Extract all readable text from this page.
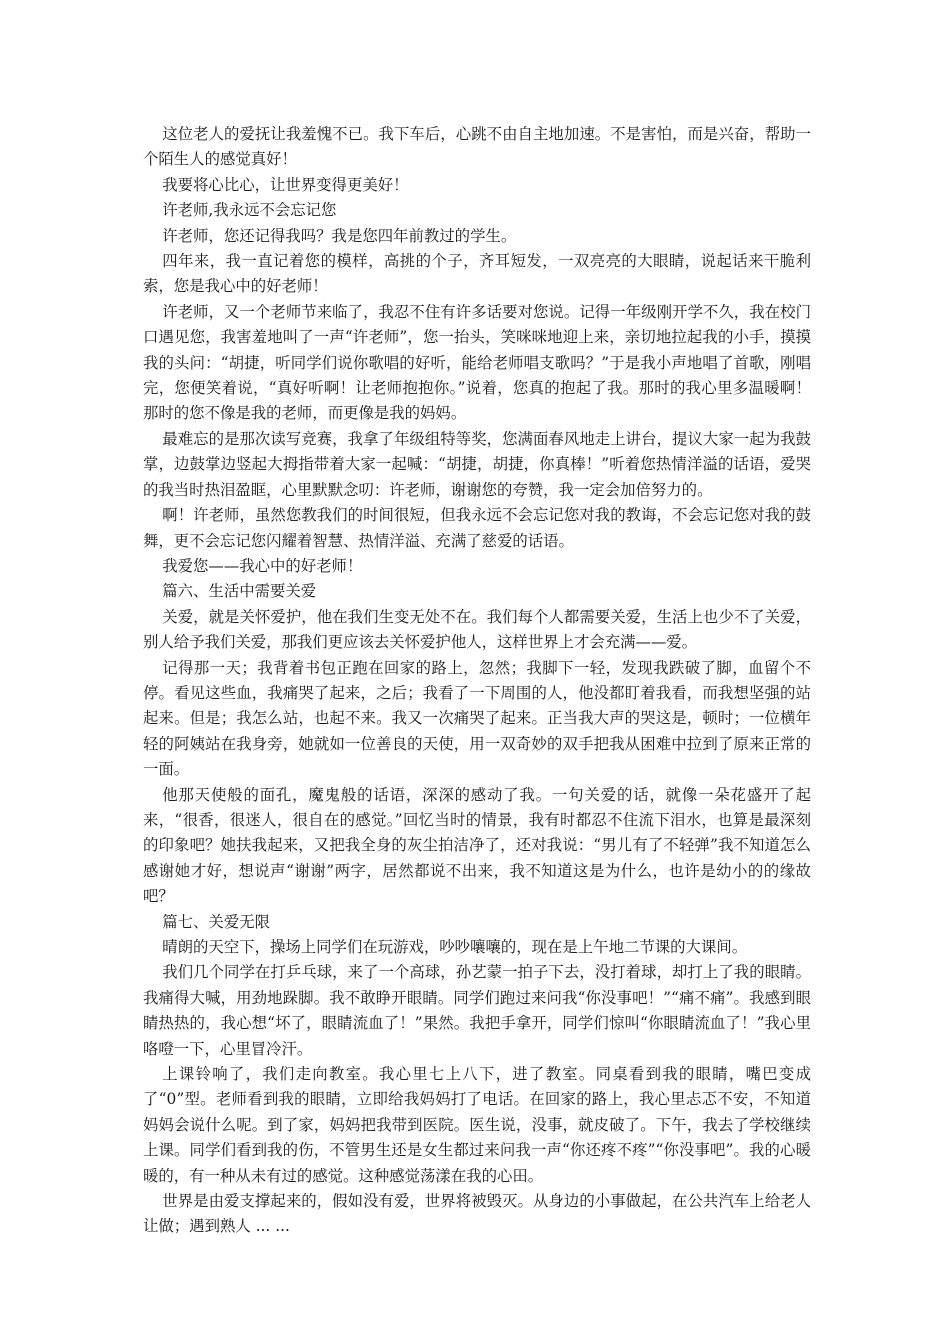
这位老人的爱抚让我羞愧不已。我下车后，心跳不由自主地加速。不是害怕，而是兴奋，帮助一个陌生人的感觉真好！

我要将心比心，让世界变得更美好！

许老师,我永远不会忘记您

许老师，您还记得我吗？我是您四年前教过的学生。

四年来，我一直记着您的模样，高挑的个子，齐耳短发，一双亮亮的大眼睛，说起话来干脆利索，您是我心中的好老师！

许老师，又一个老师节来临了，我忍不住有许多话要对您说。记得一年级刚开学不久，我在校门口遇见您，我害羞地叫了一声“许老师”，您一抬头，笑咪咪地迎上来，亲切地拉起我的小手，摸摸我的头问：“胡捷，听同学们说你歌唱的好听，能给老师唱支歌吗？”于是我小声地唱了首歌，刚唱完，您便笑着说，“真好听啊！让老师抱抱你。”说着，您真的抱起了我。那时的我心里多温暖啊！那时的您不像是我的老师，而更像是我的妈妈。

最难忘的是那次读写竞赛，我拿了年级组特等奖，您满面春风地走上讲台，提议大家一起为我鼓掌，边鼓掌边竖起大拇指带着大家一起喊：“胡捷，胡捷，你真棒！”听着您热情洋溢的话语，爱哭的我当时热泪盈眶，心里默默念叨：许老师，谢谢您的夸赞，我一定会加倍努力的。

啊！许老师，虽然您教我们的时间很短，但我永远不会忘记您对我的教诲，不会忘记您对我的鼓舞，更不会忘记您闪耀着智慧、热情洋溢、充满了慈爱的话语。

我爱您——我心中的好老师！

篇六、生活中需要关爱

关爱，就是关怀爱护，他在我们生变无处不在。我们每个人都需要关爱，生活上也少不了关爱，别人给予我们关爱，那我们更应该去关怀爱护他人，这样世界上才会充满——爱。

记得那一天；我背着书包正跑在回家的路上，忽然；我脚下一轻，发现我跌破了脚，血留个不停。看见这些血，我痛哭了起来，之后；我看了一下周围的人，他没都盯着我看，而我想坚强的站起来。但是；我怎么站，也起不来。我又一次痛哭了起来。正当我大声的哭这是，顿时；一位横年轻的阿姨站在我身旁，她就如一位善良的天使，用一双奇妙的双手把我从困难中拉到了原来正常的一面。

他那天使般的面孔，魔鬼般的话语，深深的感动了我。一句关爱的话，就像一朵花盛开了起来，“很香，很迷人，很自在的感觉。”回忆当时的情景，我有时都忍不住流下泪水，也算是最深刻的印象吧？她扶我起来，又把我全身的灰尘拍洁净了，还对我说：“男儿有了不轻弹”我不知道怎么感谢她才好，想说声“谢谢”两字，居然都说不出来，我不知道这是为什么，也许是幼小的的缘故吧？

篇七、关爱无限

晴朗的天空下，操场上同学们在玩游戏，吵吵嚷嚷的，现在是上午地二节课的大课间。

我们几个同学在打乒乓球，来了一个高球，孙艺蒙一拍子下去，没打着球，却打上了我的眼睛。我痛得大喊，用劲地跺脚。我不敢睁开眼睛。同学们跑过来问我“你没事吧！”“痛不痛”。我感到眼睛热热的，我心想“坏了，眼睛流血了！”果然。我把手拿开，同学们惊叫“你眼睛流血了！”我心里咯噔一下，心里冒冷汗。

上课铃响了，我们走向教室。我心里七上八下，进了教室。同桌看到我的眼睛，嘴巴变成了“0”型。老师看到我的眼睛，立即给我妈妈打了电话。在回家的路上，我心里忐忑不安，不知道妈妈会说什么呢。到了家，妈妈把我带到医院。医生说，没事，就皮破了。下午，我去了学校继续上课。同学们看到我的伤，不管男生还是女生都过来问我一声“你还疼不疼”“你没事吧”。我的心暖暖的，有一种从未有过的感觉。这种感觉荡漾在我的心田。

世界是由爱支撑起来的，假如没有爱，世界将被毁灭。从身边的小事做起，在公共汽车上给老人让做；遇到熟人 ... ...
